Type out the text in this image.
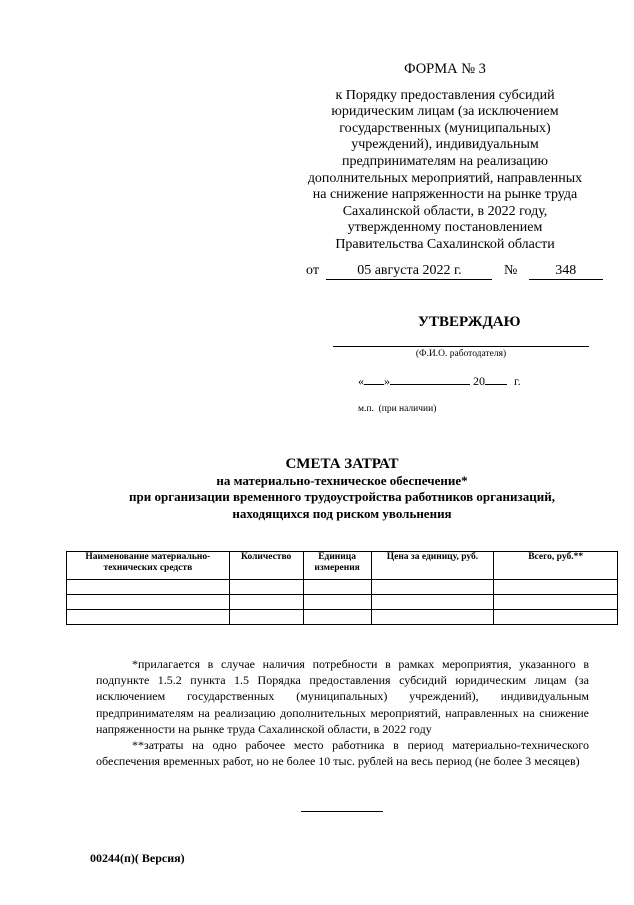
ФОРМА № 3
к Порядку предоставления субсидий
юридическим лицам (за исключением
государственных (муниципальных)
учреждений), индивидуальным
предпринимателям на реализацию
дополнительных мероприятий, направленных
на снижение напряженности на рынке труда
Сахалинской области, в 2022 году,
утвержденному постановлением
Правительства Сахалинской области
от	05 августа 2022 г.	№	348
УТВЕРЖДАЮ
(Ф.И.О. работодателя)
« »	20 г.
м.п.  (при наличии)
СМЕТА ЗАТРАТ
на материально-техническое обеспечение*
при организации временного трудоустройства работников организаций,
находящихся под риском увольнения
Наименование материально-технических средств	Количество	Единица измерения	Цена за единицу, руб.	Всего, руб.**

*прилагается в случае наличия потребности в рамках мероприятия, указанного в подпункте 1.5.2 пункта 1.5 Порядка предоставления субсидий юридическим лицам (за исключением государственных (муниципальных) учреждений), индивидуальным предпринимателям на реализацию дополнительных мероприятий, направленных на снижение напряженности на рынке труда Сахалинской области, в 2022 году

**затраты на одно рабочее место работника в период материально-технического обеспечения временных работ, но не более 10 тыс. рублей на весь период (не более 3 месяцев)

00244(п)( Версия)
